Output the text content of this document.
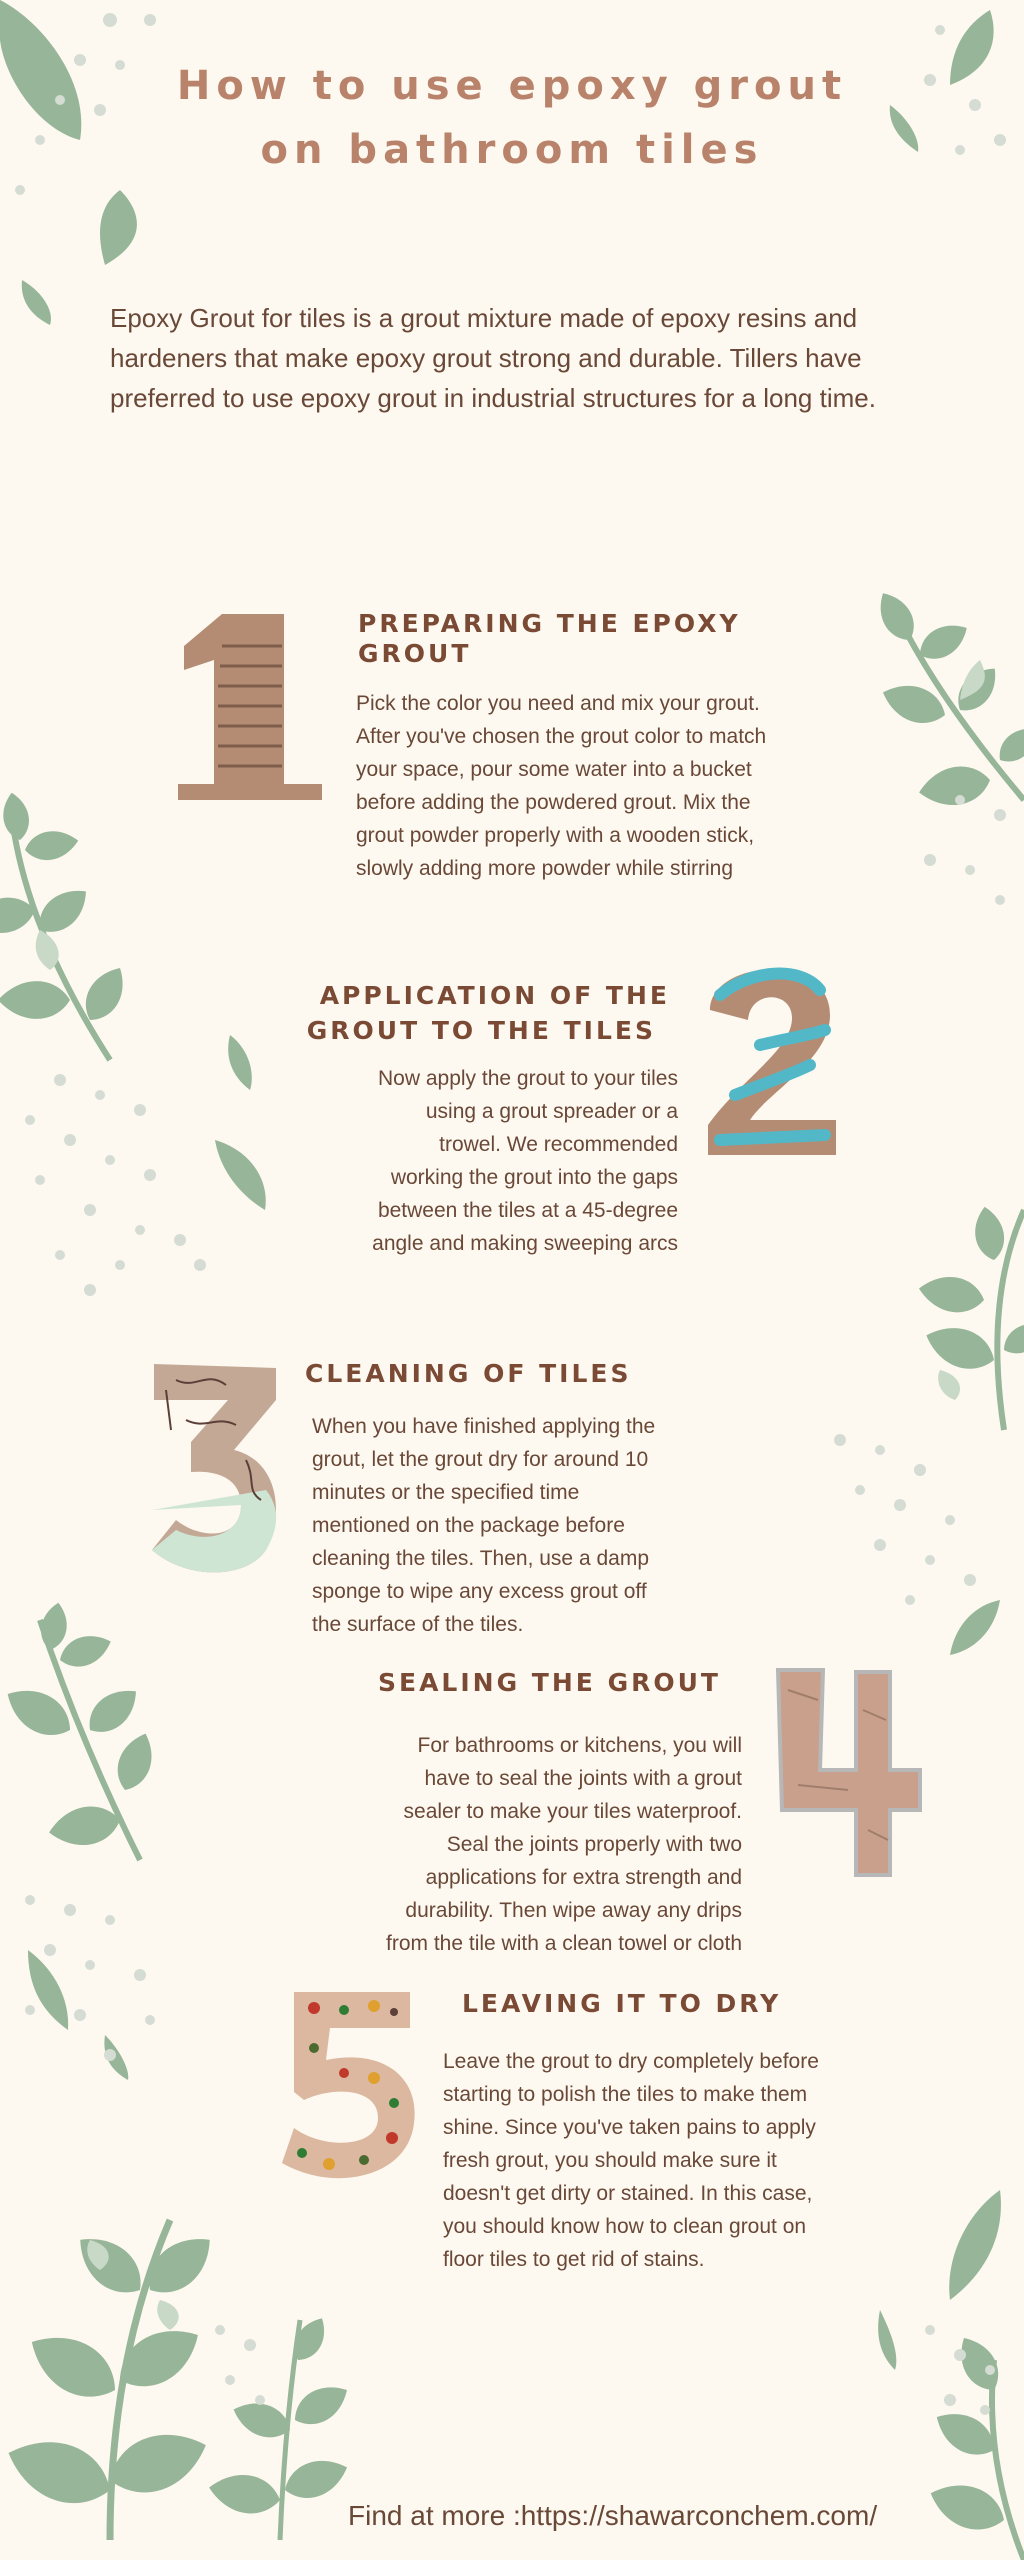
How to use epoxy grout
on bathroom tiles
Epoxy Grout for tiles is a grout mixture made of epoxy resins and hardeners that make epoxy grout strong and durable. Tillers have preferred to use epoxy grout in industrial structures for a long time.
PREPARING THE EPOXY
GROUT
Pick the color you need and mix your grout.
After you've chosen the grout color to match
your space, pour some water into a bucket
before adding the powdered grout. Mix the
grout powder properly with a wooden stick,
slowly adding more powder while stirring
APPLICATION OF THE
GROUT TO THE TILES
Now apply the grout to your tiles
using a grout spreader or a
trowel. We recommended
working the grout into the gaps
between the tiles at a 45-degree
angle and making sweeping arcs
CLEANING OF TILES
When you have finished applying the
grout, let the grout dry for around 10
minutes or the specified time
mentioned on the package before
cleaning the tiles. Then, use a damp
sponge to wipe any excess grout off
the surface of the tiles.
SEALING THE GROUT
For bathrooms or kitchens, you will
have to seal the joints with a grout
sealer to make your tiles waterproof.
Seal the joints properly with two
applications for extra strength and
durability. Then wipe away any drips
from the tile with a clean towel or cloth
LEAVING IT TO DRY
Leave the grout to dry completely before
starting to polish the tiles to make them
shine. Since you've taken pains to apply
fresh grout, you should make sure it
doesn't get dirty or stained. In this case,
you should know how to clean grout on
floor tiles to get rid of stains.
Find at more :https://shawarconchem.com/
